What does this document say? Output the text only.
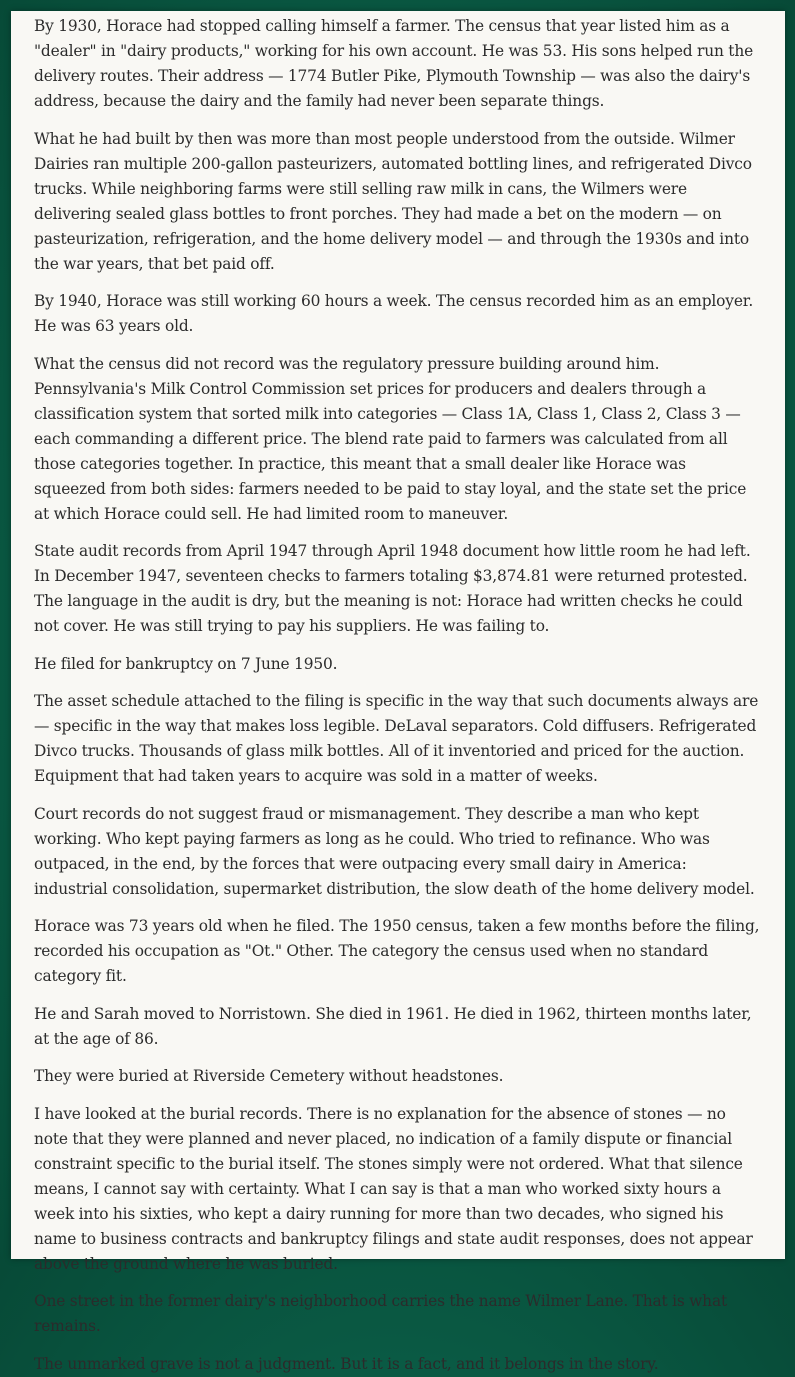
By 1930, Horace had stopped calling himself a farmer. The census that year listed him as a "dealer" in "dairy products," working for his own account. He was 53. His sons helped run the delivery routes. Their address — 1774 Butler Pike, Plymouth Township — was also the dairy's address, because the dairy and the family had never been separate things.

What he had built by then was more than most people understood from the outside. Wilmer Dairies ran multiple 200-gallon pasteurizers, automated bottling lines, and refrigerated Divco trucks. While neighboring farms were still selling raw milk in cans, the Wilmers were delivering sealed glass bottles to front porches. They had made a bet on the modern — on pasteurization, refrigeration, and the home delivery model — and through the 1930s and into the war years, that bet paid off.

By 1940, Horace was still working 60 hours a week. The census recorded him as an employer. He was 63 years old.

What the census did not record was the regulatory pressure building around him. Pennsylvania's Milk Control Commission set prices for producers and dealers through a classification system that sorted milk into categories — Class 1A, Class 1, Class 2, Class 3 — each commanding a different price. The blend rate paid to farmers was calculated from all those categories together. In practice, this meant that a small dealer like Horace was squeezed from both sides: farmers needed to be paid to stay loyal, and the state set the price at which Horace could sell. He had limited room to maneuver.

State audit records from April 1947 through April 1948 document how little room he had left. In December 1947, seventeen checks to farmers totaling $3,874.81 were returned protested. The language in the audit is dry, but the meaning is not: Horace had written checks he could not cover. He was still trying to pay his suppliers. He was failing to.

He filed for bankruptcy on 7 June 1950.

The asset schedule attached to the filing is specific in the way that such documents always are — specific in the way that makes loss legible. DeLaval separators. Cold diffusers. Refrigerated Divco trucks. Thousands of glass milk bottles. All of it inventoried and priced for the auction. Equipment that had taken years to acquire was sold in a matter of weeks.

Court records do not suggest fraud or mismanagement. They describe a man who kept working. Who kept paying farmers as long as he could. Who tried to refinance. Who was outpaced, in the end, by the forces that were outpacing every small dairy in America: industrial consolidation, supermarket distribution, the slow death of the home delivery model.

Horace was 73 years old when he filed. The 1950 census, taken a few months before the filing, recorded his occupation as "Ot." Other. The category the census used when no standard category fit.

He and Sarah moved to Norristown. She died in 1961. He died in 1962, thirteen months later, at the age of 86.

They were buried at Riverside Cemetery without headstones.

I have looked at the burial records. There is no explanation for the absence of stones — no note that they were planned and never placed, no indication of a family dispute or financial constraint specific to the burial itself. The stones simply were not ordered. What that silence means, I cannot say with certainty. What I can say is that a man who worked sixty hours a week into his sixties, who kept a dairy running for more than two decades, who signed his name to business contracts and bankruptcy filings and state audit responses, does not appear above the ground where he was buried.

One street in the former dairy's neighborhood carries the name Wilmer Lane. That is what remains.

The unmarked grave is not a judgment. But it is a fact, and it belongs in the story.
